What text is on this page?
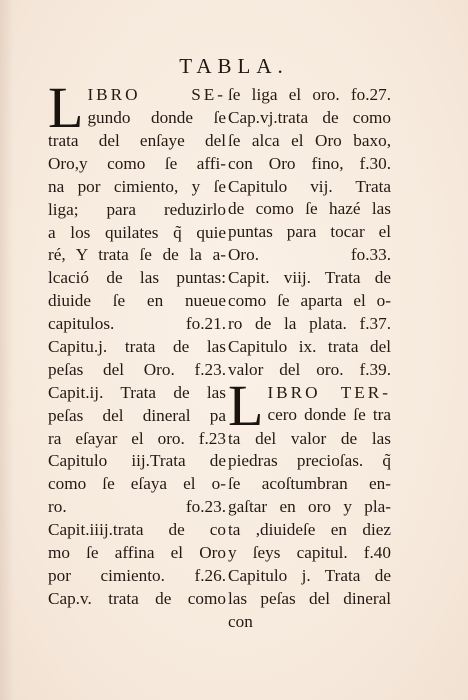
TABLA.
L IBRO SE-
gundo donde ſe
trata del enſaye del
Oro,y como ſe affi-
na por cimiento, y ſe
liga; para reduzirlo
a los quilates q̃ quie
ré, Y trata ſe de la a-
lcació de las puntas:
diuide ſe en nueue
capitulos. fo.21.
Capitu.j. trata de las
peſas del Oro. f.23.
Capit.ij. Trata de las
peſas del dineral pa
ra eſayar el oro. f.23
Capitulo iij.Trata de
como ſe eſaya el o-
ro. fo.23.
Capit.iiij.trata de co
mo ſe affina el Oro
por cimiento. f.26.
Cap.v. trata de como
ſe liga el oro. fo.27.
Cap.vj.trata de como
ſe alca el Oro baxo,
con Oro fino, f.30.
Capitulo vij. Trata
de como ſe hazé las
puntas para tocar el
Oro. fo.33.
Capit. viij. Trata de
como ſe aparta el o-
ro de la plata. f.37.
Capitulo ix. trata del
valor del oro. f.39.
L IBRO TER-
cero donde ſe tra
ta del valor de las
piedras precioſas. q̃
ſe acoſtumbran en-
gaſtar en oro y pla-
ta ,diuideſe en diez
y ſeys capitul. f.40
Capitulo j. Trata de
las peſas del dineral
con
